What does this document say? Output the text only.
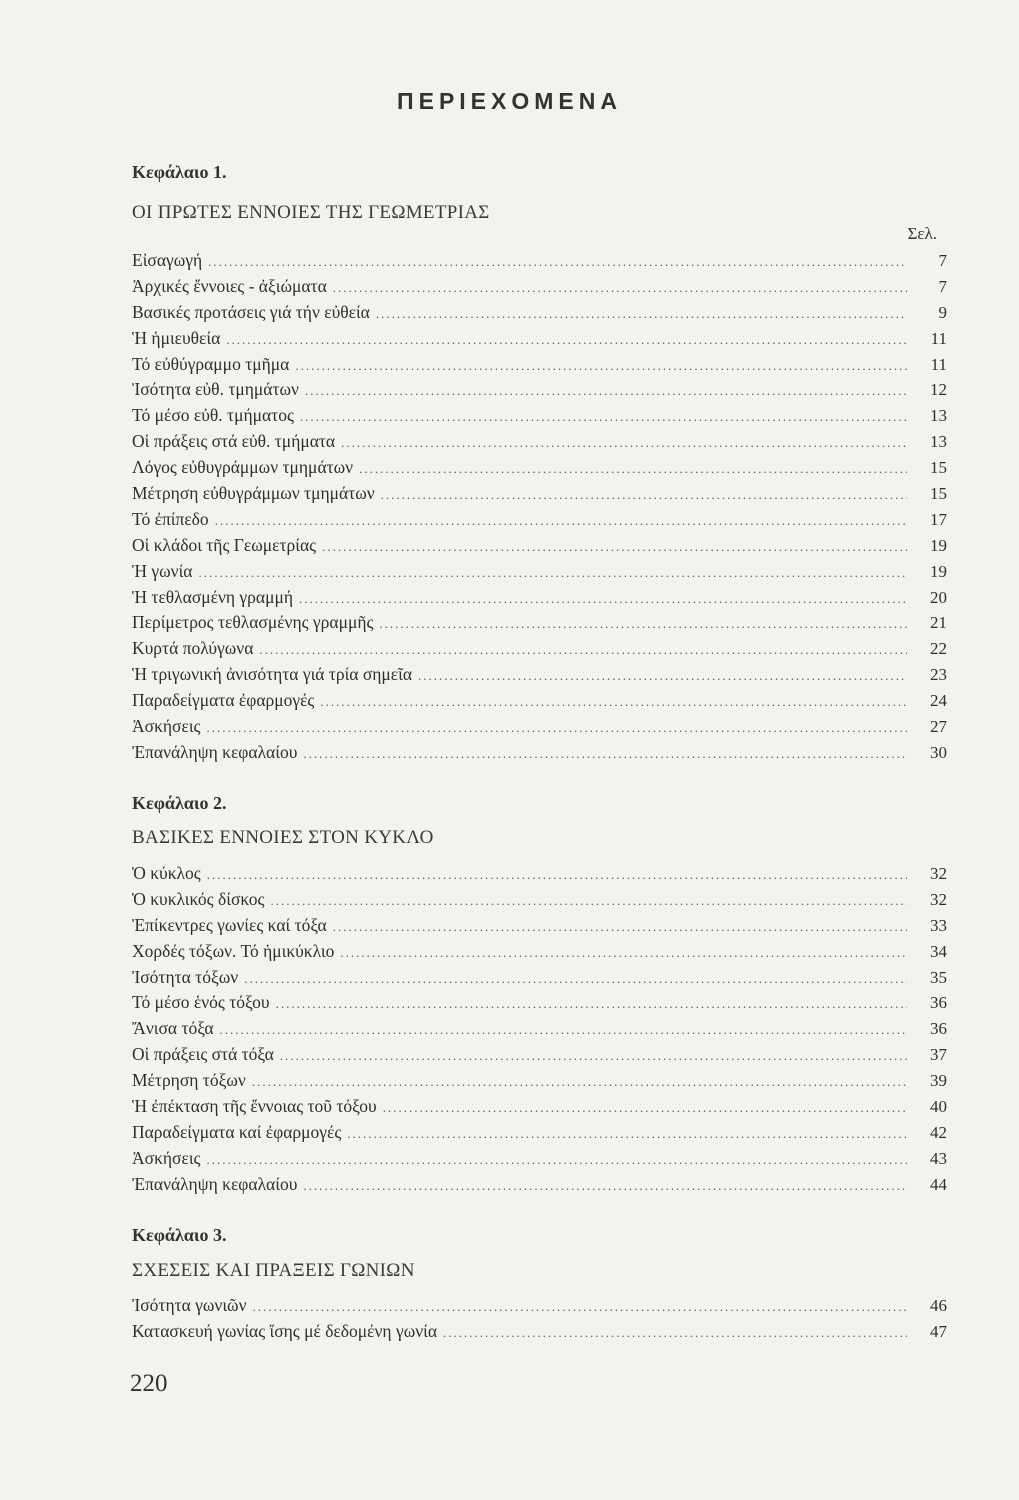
ΠΕΡΙΕΧΟΜΕΝΑ
Κεφάλαιο 1.
ΟΙ ΠΡΩΤΕΣ ΕΝΝΟΙΕΣ ΤΗΣ ΓΕΩΜΕΤΡΙΑΣ
Σελ.
Εἰσαγωγή .....	7
Ἀρχικές ἔννοιες - ἀξιώματα .....	7
Βασικές προτάσεις γιά τήν εὐθεία .....	9
Ἡ ἡμιευθεία .....	11
Τό εὐθύγραμμο τμῆμα .....	11
Ἰσότητα εὐθ. τμημάτων .....	12
Τό μέσο εὐθ. τμήματος .....	13
Οἱ πράξεις στά εὐθ. τμήματα .....	13
Λόγος εὐθυγράμμων τμημάτων .....	15
Μέτρηση εὐθυγράμμων τμημάτων .....	15
Τό ἐπίπεδο .....	17
Οἱ κλάδοι τῆς Γεωμετρίας .....	19
Ἡ γωνία .....	19
Ἡ τεθλασμένη γραμμή .....	20
Περίμετρος τεθλασμένης γραμμῆς .....	21
Κυρτά πολύγωνα .....	22
Ἡ τριγωνική ἀνισότητα γιά τρία σημεῖα .....	23
Παραδείγματα ἐφαρμογές .....	24
Ἀσκήσεις .....	27
Ἐπανάληψη κεφαλαίου .....	30
Κεφάλαιο 2.
ΒΑΣΙΚΕΣ ΕΝΝΟΙΕΣ ΣΤΟΝ ΚΥΚΛΟ
Ὁ κύκλος .....	32
Ὁ κυκλικός δίσκος .....	32
Ἐπίκεντρες γωνίες καί τόξα .....	33
Χορδές τόξων. Τό ἡμικύκλιο .....	34
Ἰσότητα τόξων .....	35
Τό μέσο ἑνός τόξου .....	36
Ἄνισα τόξα .....	36
Οἱ πράξεις στά τόξα .....	37
Μέτρηση τόξων .....	39
Ἡ ἐπέκταση τῆς ἔννοιας τοῦ τόξου .....	40
Παραδείγματα καί ἐφαρμογές .....	42
Ἀσκήσεις .....	43
Ἐπανάληψη κεφαλαίου .....	44
Κεφάλαιο 3.
ΣΧΕΣΕΙΣ ΚΑΙ ΠΡΑΞΕΙΣ ΓΩΝΙΩΝ
Ἰσότητα γωνιῶν .....	46
Κατασκευή γωνίας ἴσης μέ δεδομένη γωνία .....	47
220
